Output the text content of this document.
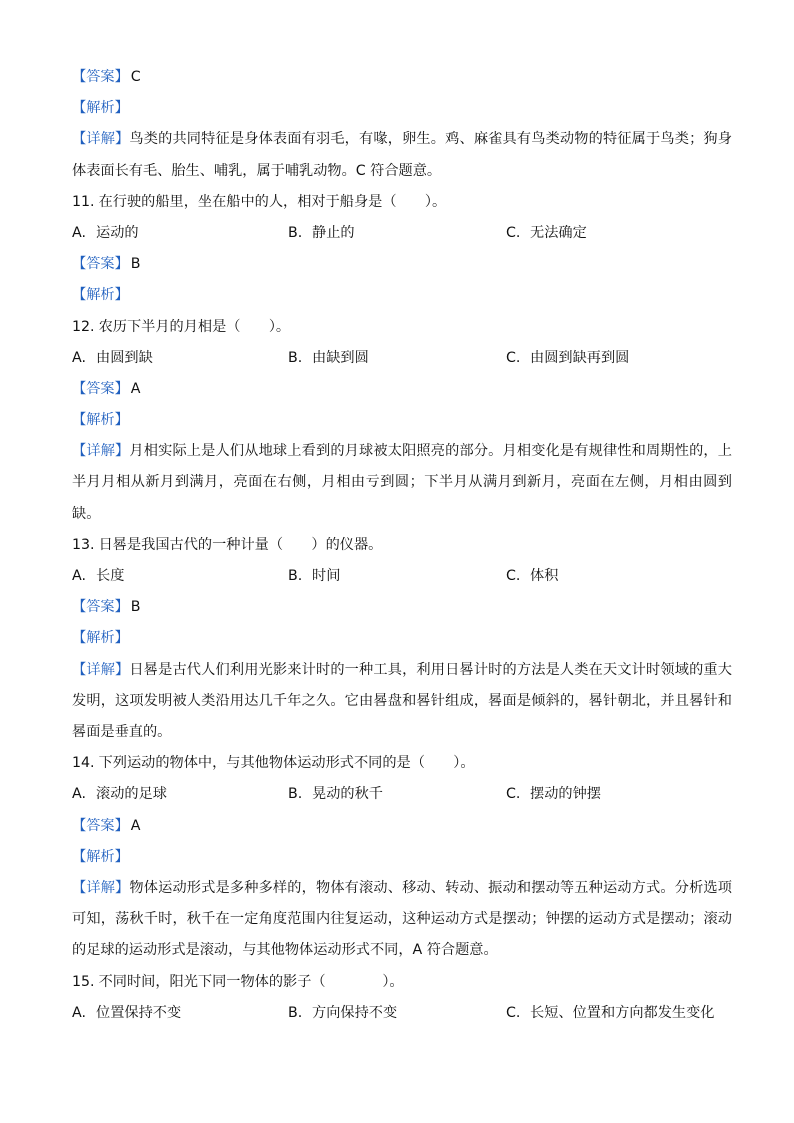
【答案】 C
【解析】
【详解】鸟类的共同特征是身体表面有羽毛，有喙，卵生。鸡、麻雀具有鸟类动物的特征属于鸟类；狗身体表面长有毛、胎生、哺乳，属于哺乳动物。C 符合题意。
11. 在行驶的船里，坐在船中的人，相对于船身是（　　）。
A. 运动的	B. 静止的	C. 无法确定
【答案】 B
【解析】
12. 农历下半月的月相是（　　）。
A. 由圆到缺	B. 由缺到圆	C. 由圆到缺再到圆
【答案】 A
【解析】
【详解】月相实际上是人们从地球上看到的月球被太阳照亮的部分。月相变化是有规律性和周期性的，上半月月相从新月到满月，亮面在右侧，月相由亏到圆；下半月从满月到新月，亮面在左侧，月相由圆到缺。
13. 日晷是我国古代的一种计量（　　）的仪器。
A. 长度	B. 时间	C. 体积
【答案】 B
【解析】
【详解】日晷是古代人们利用光影来计时的一种工具，利用日晷计时的方法是人类在天文计时领域的重大发明，这项发明被人类沿用达几千年之久。它由晷盘和晷针组成，晷面是倾斜的，晷针朝北，并且晷针和晷面是垂直的。
14. 下列运动的物体中，与其他物体运动形式不同的是（　　）。
A. 滚动的足球	B. 晃动的秋千	C. 摆动的钟摆
【答案】 A
【解析】
【详解】物体运动形式是多种多样的，物体有滚动、移动、转动、振动和摆动等五种运动方式。分析选项可知，荡秋千时，秋千在一定角度范围内往复运动，这种运动方式是摆动；钟摆的运动方式是摆动；滚动的足球的运动形式是滚动，与其他物体运动形式不同，A 符合题意。
15. 不同时间，阳光下同一物体的影子（　　　　）。
A. 位置保持不变	B. 方向保持不变	C. 长短、位置和方向都发生变化
